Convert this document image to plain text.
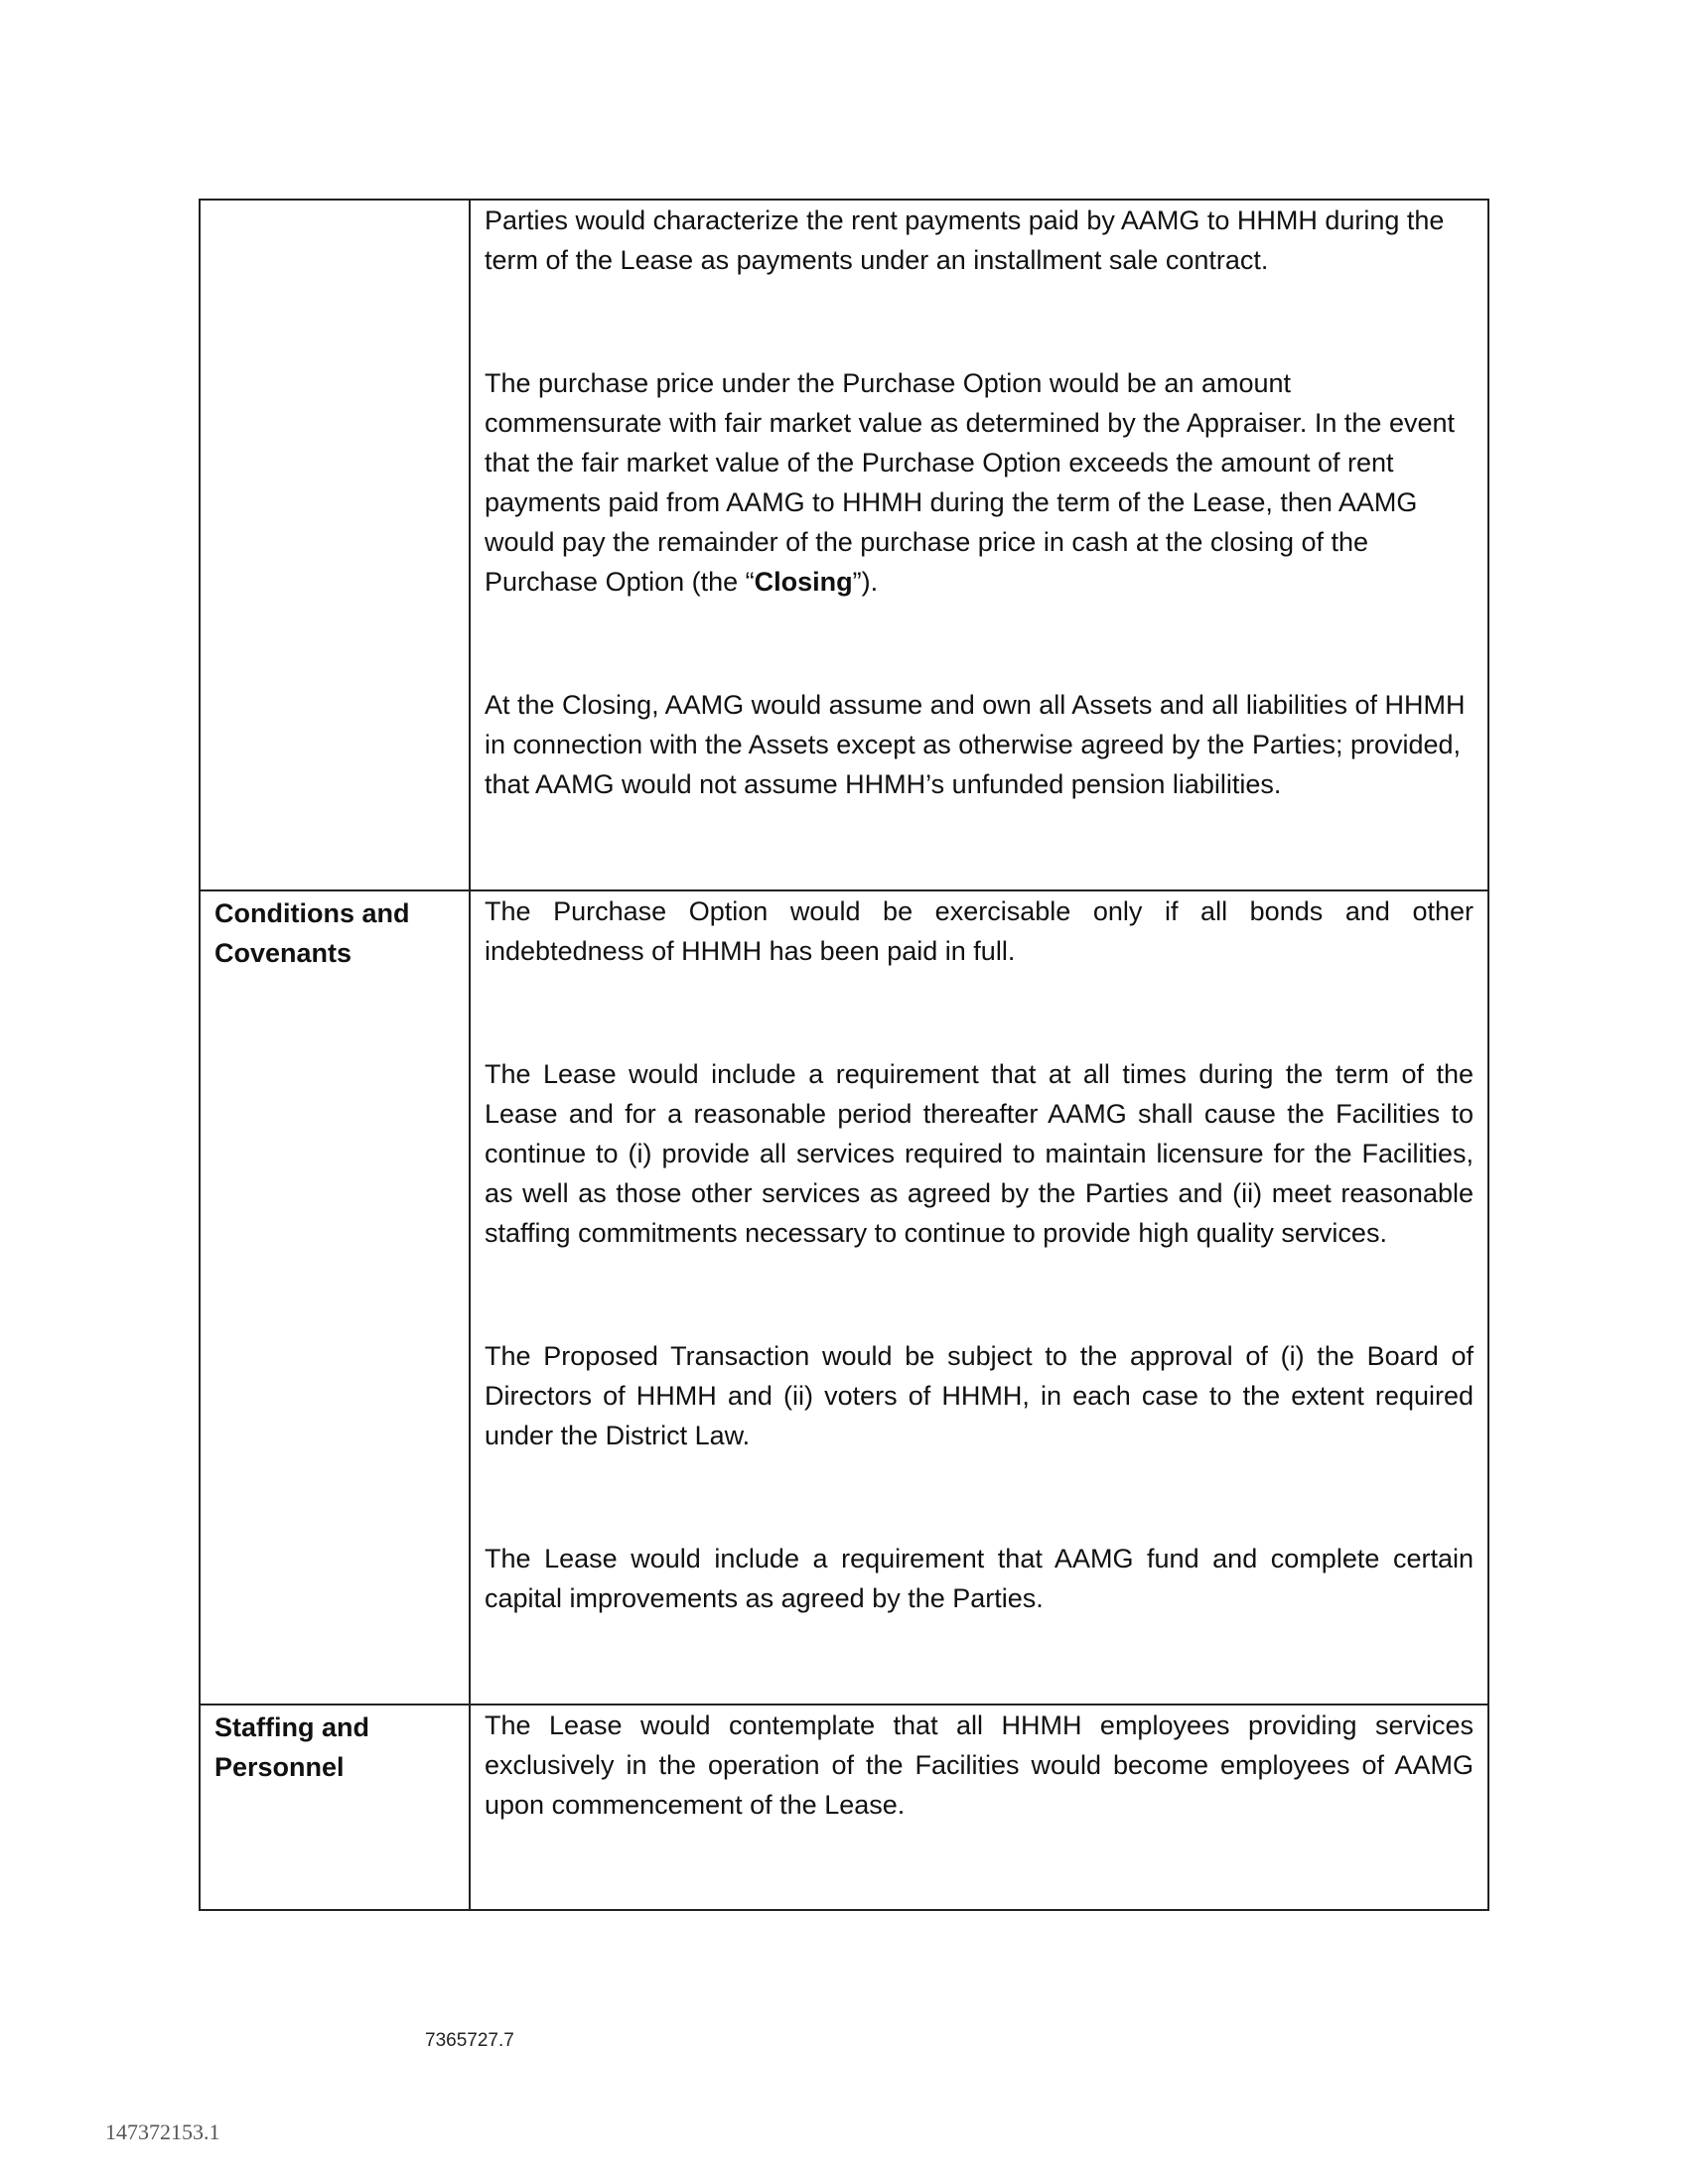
	Parties would characterize the rent payments paid by AAMG to HHMH during the term of the Lease as payments under an installment sale contract.

The purchase price under the Purchase Option would be an amount commensurate with fair market value as determined by the Appraiser. In the event that the fair market value of the Purchase Option exceeds the amount of rent payments paid from AAMG to HHMH during the term of the Lease, then AAMG would pay the remainder of the purchase price in cash at the closing of the Purchase Option (the “Closing”).

At the Closing, AAMG would assume and own all Assets and all liabilities of HHMH in connection with the Assets except as otherwise agreed by the Parties; provided, that AAMG would not assume HHMH’s unfunded pension liabilities.

Conditions and Covenants	The Purchase Option would be exercisable only if all bonds and other indebtedness of HHMH has been paid in full.

The Lease would include a requirement that at all times during the term of the Lease and for a reasonable period thereafter AAMG shall cause the Facilities to continue to (i) provide all services required to maintain licensure for the Facilities, as well as those other services as agreed by the Parties and (ii) meet reasonable staffing commitments necessary to continue to provide high quality services.

The Proposed Transaction would be subject to the approval of (i) the Board of Directors of HHMH and (ii) voters of HHMH, in each case to the extent required under the District Law.

The Lease would include a requirement that AAMG fund and complete certain capital improvements as agreed by the Parties.

Staffing and Personnel	The Lease would contemplate that all HHMH employees providing services exclusively in the operation of the Facilities would become employees of AAMG upon commencement of the Lease.

7365727.7
147372153.1
